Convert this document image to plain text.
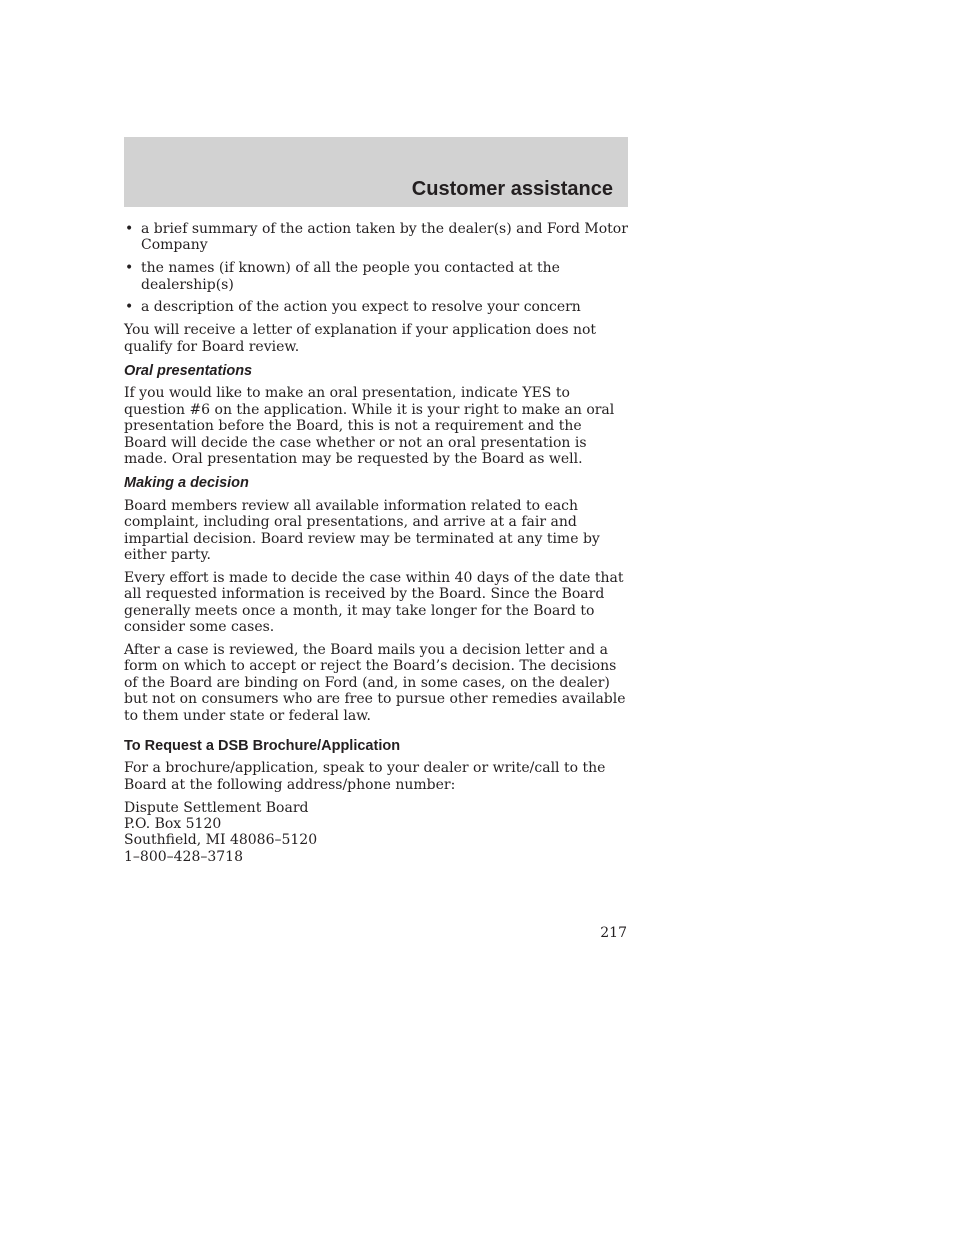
Customer assistance
• a brief summary of the action taken by the dealer(s) and Ford Motor Company
• the names (if known) of all the people you contacted at the dealership(s)
• a description of the action you expect to resolve your concern

You will receive a letter of explanation if your application does not qualify for Board review.

Oral presentations

If you would like to make an oral presentation, indicate YES to question #6 on the application. While it is your right to make an oral presentation before the Board, this is not a requirement and the Board will decide the case whether or not an oral presentation is made. Oral presentation may be requested by the Board as well.

Making a decision

Board members review all available information related to each complaint, including oral presentations, and arrive at a fair and impartial decision. Board review may be terminated at any time by either party.

Every effort is made to decide the case within 40 days of the date that all requested information is received by the Board. Since the Board generally meets once a month, it may take longer for the Board to consider some cases.

After a case is reviewed, the Board mails you a decision letter and a form on which to accept or reject the Board’s decision. The decisions of the Board are binding on Ford (and, in some cases, on the dealer) but not on consumers who are free to pursue other remedies available to them under state or federal law.

To Request a DSB Brochure/Application

For a brochure/application, speak to your dealer or write/call to the Board at the following address/phone number:

Dispute Settlement Board
P.O. Box 5120
Southfield, MI 48086–5120
1–800–428–3718
217
